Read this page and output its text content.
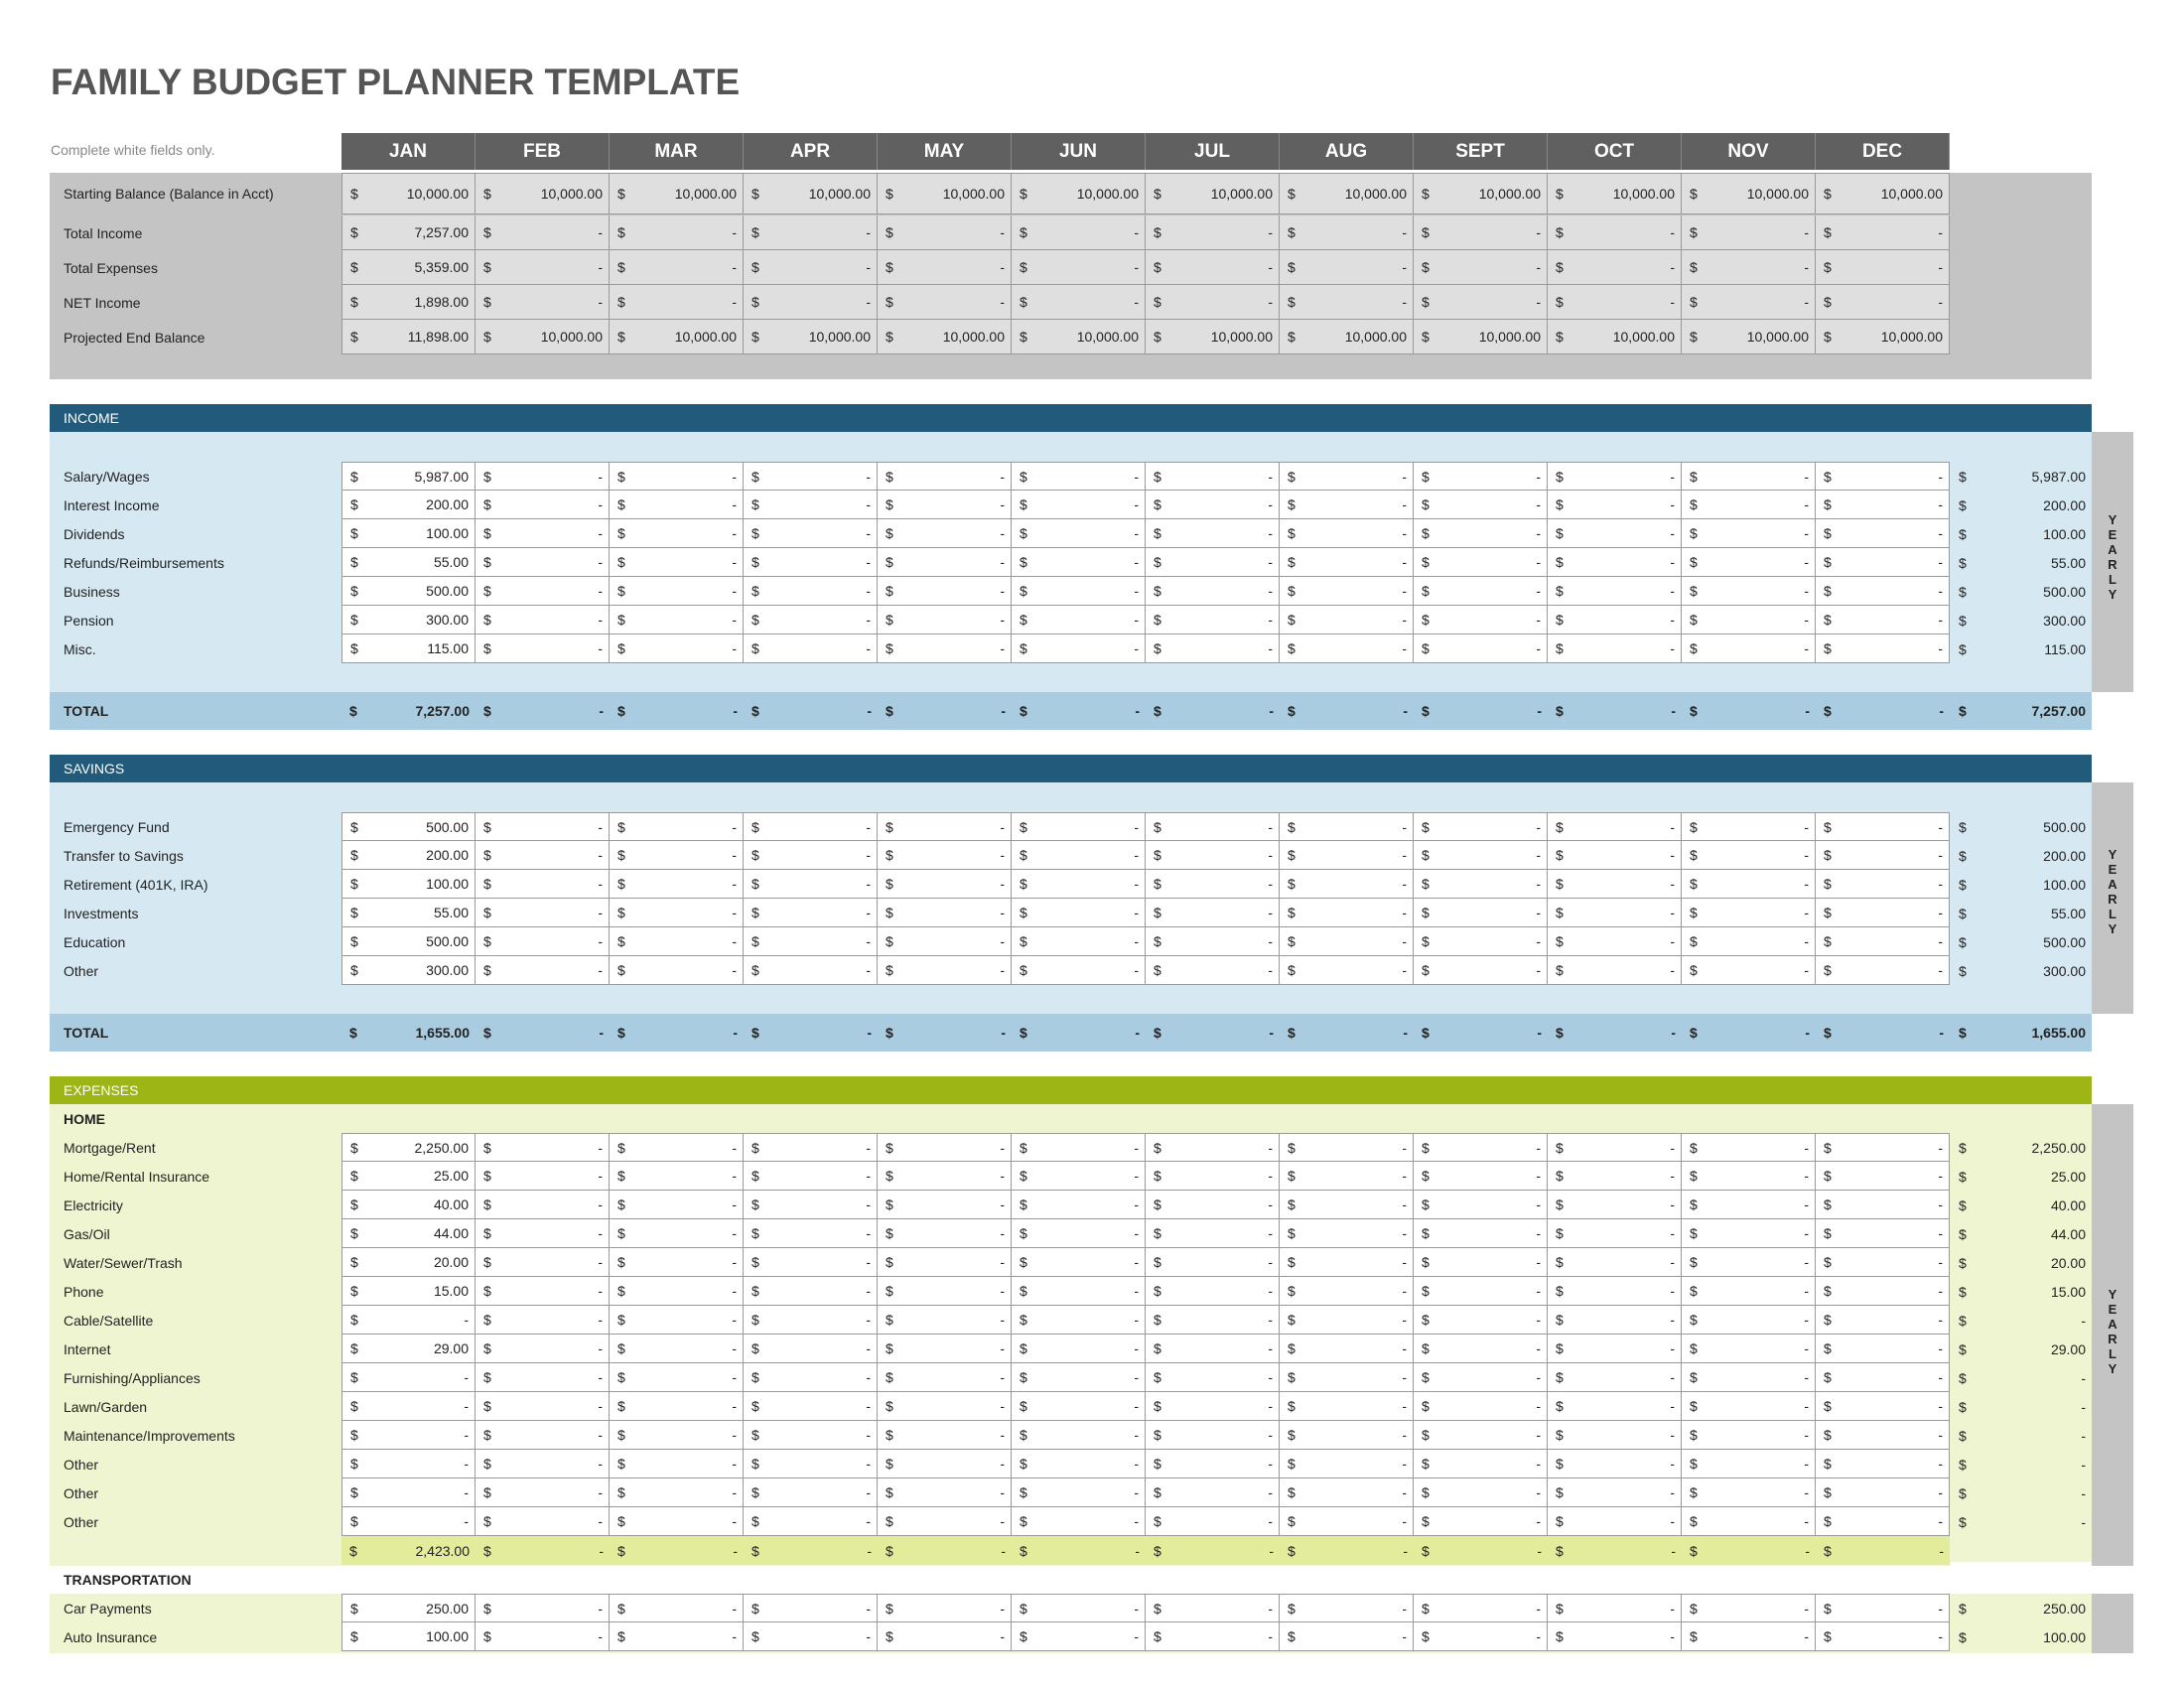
FAMILY BUDGET PLANNER TEMPLATE
Complete white fields only.	JAN	FEB	MAR	APR	MAY	JUN	JUL	AUG	SEPT	OCT	NOV	DEC
Starting Balance (Balance in Acct)	$	10,000.00 $	10,000.00 $	10,000.00 $	10,000.00 $	10,000.00 $	10,000.00 $	10,000.00 $	10,000.00 $	10,000.00 $	10,000.00 $	10,000.00 $	10,000.00
Total Income	$	7,257.00 $	- $	- $	- $	- $	- $	- $	- $	- $	- $	- $	-
Total Expenses	$	5,359.00 $	- $	- $	- $	- $	- $	- $	- $	- $	- $	- $	-
NET Income	$	1,898.00 $	- $	- $	- $	- $	- $	- $	- $	- $	- $	- $	-
Projected End Balance	$	11,898.00 $	10,000.00 $	10,000.00 $	10,000.00 $	10,000.00 $	10,000.00 $	10,000.00 $	10,000.00 $	10,000.00 $	10,000.00 $	10,000.00 $	10,000.00
INCOME
Y
E
A
R
L
Y
Salary/Wages	$	5,987.00 $	- $	- $	- $	- $	- $	- $	- $	- $	- $	- $	- $	5,987.00
Interest Income	$	200.00 $	- $	- $	- $	- $	- $	- $	- $	- $	- $	- $	- $	200.00
Dividends	$	100.00 $	- $	- $	- $	- $	- $	- $	- $	- $	- $	- $	- $	100.00
Refunds/Reimbursements	$	55.00 $	- $	- $	- $	- $	- $	- $	- $	- $	- $	- $	- $	55.00
Business	$	500.00 $	- $	- $	- $	- $	- $	- $	- $	- $	- $	- $	- $	500.00
Pension	$	300.00 $	- $	- $	- $	- $	- $	- $	- $	- $	- $	- $	- $	300.00
Misc.	$	115.00 $	- $	- $	- $	- $	- $	- $	- $	- $	- $	- $	- $	115.00
TOTAL	$	7,257.00 $	- $	- $	- $	- $	- $	- $	- $	- $	- $	- $	- $	7,257.00
SAVINGS
Y
E
A
R
L
Y
Emergency Fund	$	500.00 $	- $	- $	- $	- $	- $	- $	- $	- $	- $	- $	- $	500.00
Transfer to Savings	$	200.00 $	- $	- $	- $	- $	- $	- $	- $	- $	- $	- $	- $	200.00
Retirement (401K, IRA)	$	100.00 $	- $	- $	- $	- $	- $	- $	- $	- $	- $	- $	- $	100.00
Investments	$	55.00 $	- $	- $	- $	- $	- $	- $	- $	- $	- $	- $	- $	55.00
Education	$	500.00 $	- $	- $	- $	- $	- $	- $	- $	- $	- $	- $	- $	500.00
Other	$	300.00 $	- $	- $	- $	- $	- $	- $	- $	- $	- $	- $	- $	300.00
TOTAL	$	1,655.00 $	- $	- $	- $	- $	- $	- $	- $	- $	- $	- $	- $	1,655.00
EXPENSES
Y
E
A
R
L
Y
HOME
Mortgage/Rent	$	2,250.00 $	- $	- $	- $	- $	- $	- $	- $	- $	- $	- $	- $	2,250.00
Home/Rental Insurance	$	25.00 $	- $	- $	- $	- $	- $	- $	- $	- $	- $	- $	- $	25.00
Electricity	$	40.00 $	- $	- $	- $	- $	- $	- $	- $	- $	- $	- $	- $	40.00
Gas/Oil	$	44.00 $	- $	- $	- $	- $	- $	- $	- $	- $	- $	- $	- $	44.00
Water/Sewer/Trash	$	20.00 $	- $	- $	- $	- $	- $	- $	- $	- $	- $	- $	- $	20.00
Phone	$	15.00 $	- $	- $	- $	- $	- $	- $	- $	- $	- $	- $	- $	15.00
Cable/Satellite	$	- $	- $	- $	- $	- $	- $	- $	- $	- $	- $	- $	- $	-
Internet	$	29.00 $	- $	- $	- $	- $	- $	- $	- $	- $	- $	- $	- $	29.00
Furnishing/Appliances	$	- $	- $	- $	- $	- $	- $	- $	- $	- $	- $	- $	- $	-
Lawn/Garden	$	- $	- $	- $	- $	- $	- $	- $	- $	- $	- $	- $	- $	-
Maintenance/Improvements	$	- $	- $	- $	- $	- $	- $	- $	- $	- $	- $	- $	- $	-
Other	$	- $	- $	- $	- $	- $	- $	- $	- $	- $	- $	- $	- $	-
Other	$	- $	- $	- $	- $	- $	- $	- $	- $	- $	- $	- $	- $	-
Other	$	- $	- $	- $	- $	- $	- $	- $	- $	- $	- $	- $	- $	-
$	2,423.00 $	- $	- $	- $	- $	- $	- $	- $	- $	- $	- $	-
TRANSPORTATION
Car Payments	$	250.00 $	- $	- $	- $	- $	- $	- $	- $	- $	- $	- $	- $	250.00
Auto Insurance	$	100.00 $	- $	- $	- $	- $	- $	- $	- $	- $	- $	- $	- $	100.00
